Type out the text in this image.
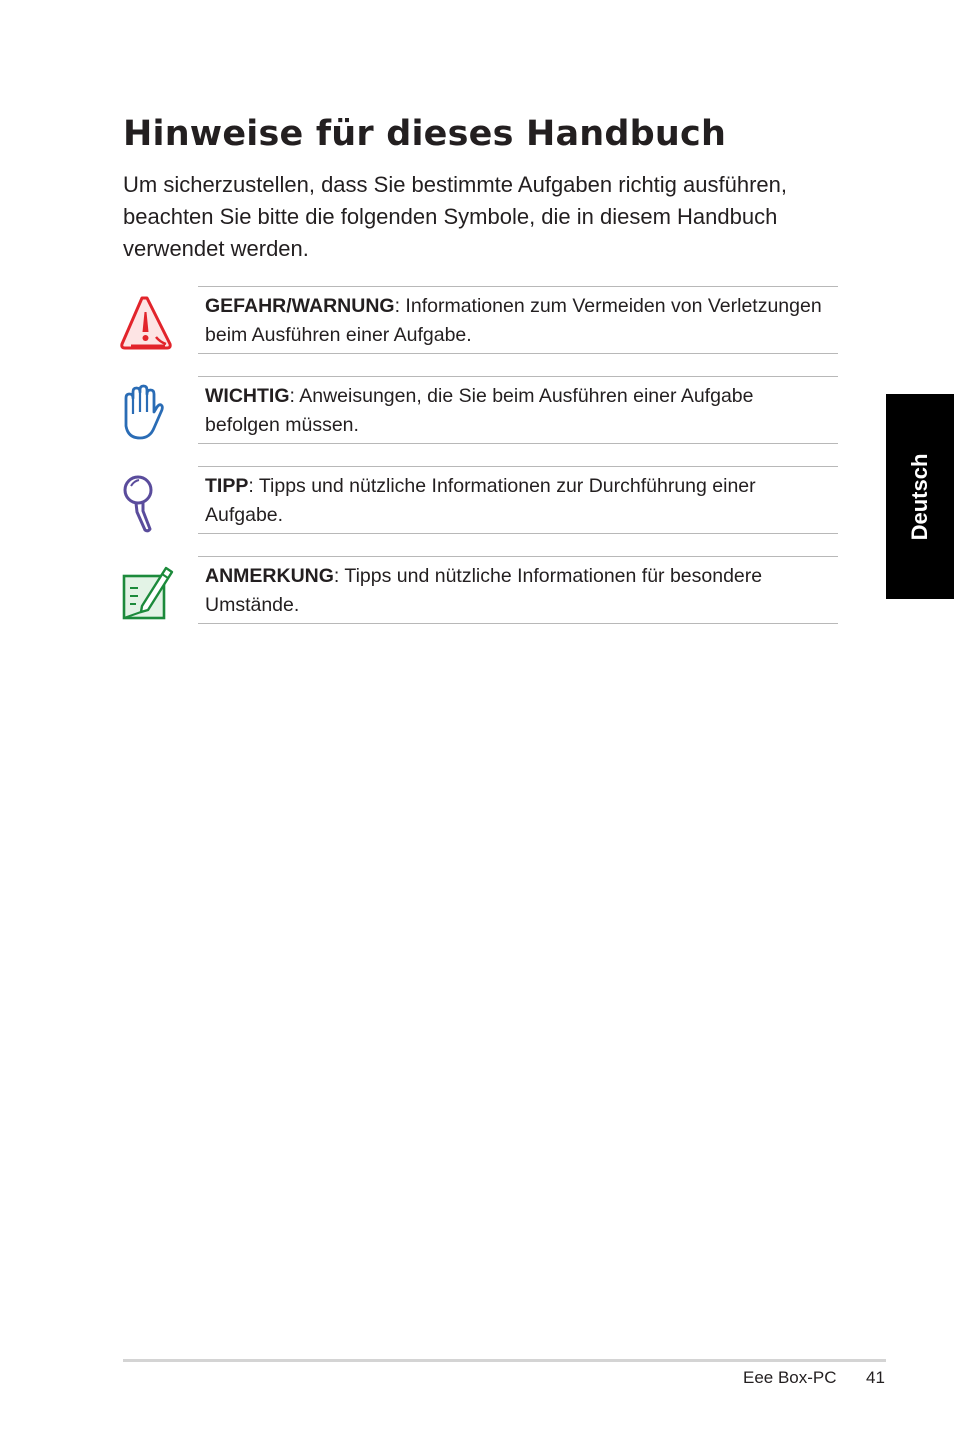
Hinweise für dieses Handbuch

Um sicherzustellen, dass Sie bestimmte Aufgaben richtig ausführen, beachten Sie bitte die folgenden Symbole, die in diesem Handbuch verwendet werden.

GEFAHR/WARNUNG: Informationen zum Vermeiden von Verletzungen beim Ausführen einer Aufgabe.

WICHTIG: Anweisungen, die Sie beim Ausführen einer Aufgabe befolgen müssen.

TIPP: Tipps und nützliche Informationen zur Durchführung einer Aufgabe.

ANMERKUNG: Tipps und nützliche Informationen für besondere Umstände.

Deutsch
Eee Box-PC 41
